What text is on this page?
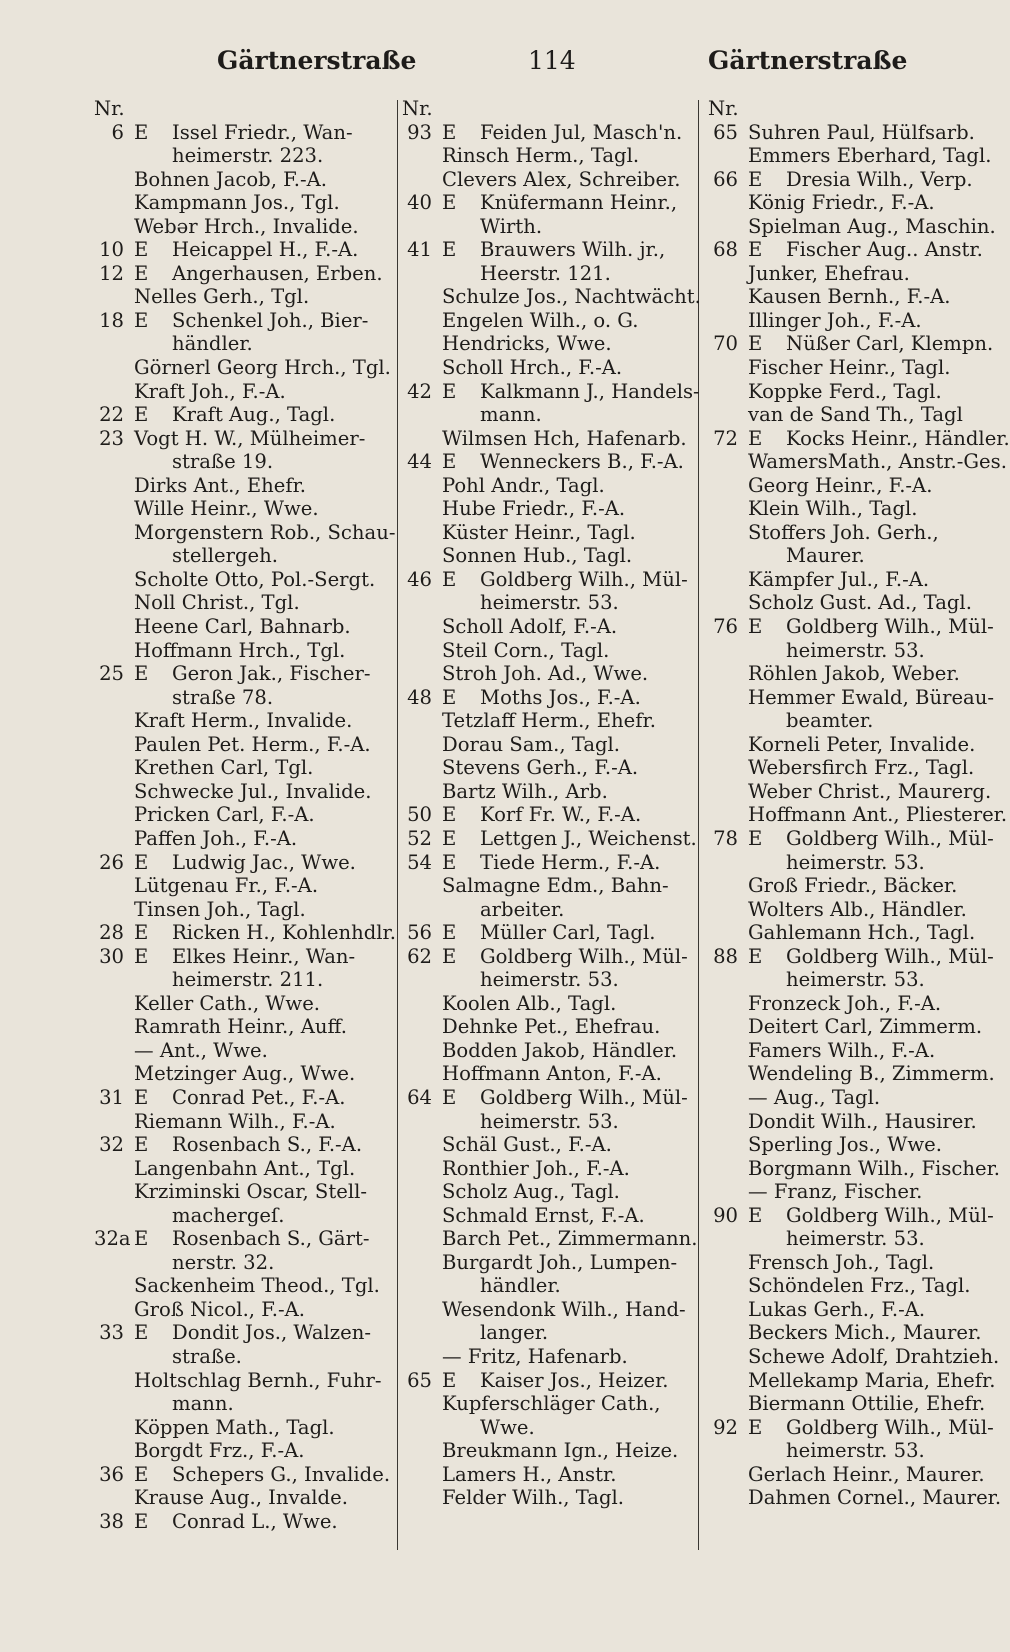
Gärtnerstraße	114	Gärtnerstraße
Nr.
6 E Issel Friedr., Wan-
heimerstr. 223.
Bohnen Jacob, F.-A.
Kampmann Jos., Tgl.
Webər Hrch., Invalide.
10 E Heicappel H., F.-A.
12 E Angerhausen, Erben.
Nelles Gerh., Tgl.
18 E Schenkel Joh., Bier-
händler.
Görnerl Georg Hrch., Tgl.
Kraft Joh., F.-A.
22 E Kraft Aug., Tagl.
23 Vogt H. W., Mülheimer-
straße 19.
Dirks Ant., Ehefr.
Wille Heinr., Wwe.
Morgenstern Rob., Schau-
stellergeh.
Scholte Otto, Pol.-Sergt.
Noll Christ., Tgl.
Heene Carl, Bahnarb.
Hoffmann Hrch., Tgl.
25 E Geron Jak., Fischer-
straße 78.
Kraft Herm., Invalide.
Paulen Pet. Herm., F.-A.
Krethen Carl, Tgl.
Schwecke Jul., Invalide.
Pricken Carl, F.-A.
Paffen Joh., F.-A.
26 E Ludwig Jac., Wwe.
Lütgenau Fr., F.-A.
Tinsen Joh., Tagl.
28 E Ricken H., Kohlenhdlr.
30 E Elkes Heinr., Wan-
heimerstr. 211.
Keller Cath., Wwe.
Ramrath Heinr., Auff.
— Ant., Wwe.
Metzinger Aug., Wwe.
31 E Conrad Pet., F.-A.
Riemann Wilh., F.-A.
32 E Rosenbach S., F.-A.
Langenbahn Ant., Tgl.
Krziminski Oscar, Stell-
machergeſ.
32a E Rosenbach S., Gärt-
nerstr. 32.
Sackenheim Theod., Tgl.
Groß Nicol., F.-A.
33 E Dondit Jos., Walzen-
straße.
Holtschlag Bernh., Fuhr-
mann.
Köppen Math., Tagl.
Borgdt Frz., F.-A.
36 E Schepers G., Invalide.
Krause Aug., Invalde.
38 E Conrad L., Wwe.
Nr.
93 E Feiden Jul, Masch'n.
Rinsch Herm., Tagl.
Clevers Alex, Schreiber.
40 E Knüfermann Heinr.,
Wirth.
41 E Brauwers Wilh. jr.,
Heerstr. 121.
Schulze Jos., Nachtwächt.
Engelen Wilh., o. G.
Hendricks, Wwe.
Scholl Hrch., F.-A.
42 E Kalkmann J., Handels-
mann.
Wilmsen Hch, Hafenarb.
44 E Wenneckers B., F.-A.
Pohl Andr., Tagl.
Hube Friedr., F.-A.
Küster Heinr., Tagl.
Sonnen Hub., Tagl.
46 E Goldberg Wilh., Mül-
heimerstr. 53.
Scholl Adolf, F.-A.
Steil Corn., Tagl.
Stroh Joh. Ad., Wwe.
48 E Moths Jos., F.-A.
Tetzlaff Herm., Ehefr.
Dorau Sam., Tagl.
Stevens Gerh., F.-A.
Bartz Wilh., Arb.
50 E Korf Fr. W., F.-A.
52 E Lettgen J., Weichenst.
54 E Tiede Herm., F.-A.
Salmagne Edm., Bahn-
arbeiter.
56 E Müller Carl, Tagl.
62 E Goldberg Wilh., Mül-
heimerstr. 53.
Koolen Alb., Tagl.
Dehnke Pet., Ehefrau.
Bodden Jakob, Händler.
Hoffmann Anton, F.-A.
64 E Goldberg Wilh., Mül-
heimerstr. 53.
Schäl Gust., F.-A.
Ronthier Joh., F.-A.
Scholz Aug., Tagl.
Schmald Ernst, F.-A.
Barch Pet., Zimmermann.
Burgardt Joh., Lumpen-
händler.
Wesendonk Wilh., Hand-
langer.
— Fritz, Hafenarb.
65 E Kaiser Jos., Heizer.
Kupferschläger Cath.,
Wwe.
Breukmann Ign., Heize.
Lamers H., Anstr.
Felder Wilh., Tagl.
Nr.
65 Suhren Paul, Hülfsarb.
Emmers Eberhard, Tagl.
66 E Dresia Wilh., Verp.
König Friedr., F.-A.
Spielman Aug., Maschin.
68 E Fischer Aug.. Anstr.
Junker, Ehefrau.
Kausen Bernh., F.-A.
Illinger Joh., F.-A.
70 E Nüßer Carl, Klempn.
Fischer Heinr., Tagl.
Koppke Ferd., Tagl.
van de Sand Th., Tagl
72 E Kocks Heinr., Händler.
WamersMath., Anstr.-Ges.
Georg Heinr., F.-A.
Klein Wilh., Tagl.
Stoffers Joh. Gerh.,
Maurer.
Kämpfer Jul., F.-A.
Scholz Gust. Ad., Tagl.
76 E Goldberg Wilh., Mül-
heimerstr. 53.
Röhlen Jakob, Weber.
Hemmer Ewald, Büreau-
beamter.
Korneli Peter, Invalide.
Webersfirch Frz., Tagl.
Weber Christ., Maurerg.
Hoffmann Ant., Pliesterer.
78 E Goldberg Wilh., Mül-
heimerstr. 53.
Groß Friedr., Bäcker.
Wolters Alb., Händler.
Gahlemann Hch., Tagl.
88 E Goldberg Wilh., Mül-
heimerstr. 53.
Fronzeck Joh., F.-A.
Deitert Carl, Zimmerm.
Famers Wilh., F.-A.
Wendeling B., Zimmerm.
— Aug., Tagl.
Dondit Wilh., Hausirer.
Sperling Jos., Wwe.
Borgmann Wilh., Fischer.
— Franz, Fischer.
90 E Goldberg Wilh., Mül-
heimerstr. 53.
Frensch Joh., Tagl.
Schöndelen Frz., Tagl.
Lukas Gerh., F.-A.
Beckers Mich., Maurer.
Schewe Adolf, Drahtzieh.
Mellekamp Maria, Ehefr.
Biermann Ottilie, Ehefr.
92 E Goldberg Wilh., Mül-
heimerstr. 53.
Gerlach Heinr., Maurer.
Dahmen Cornel., Maurer.
